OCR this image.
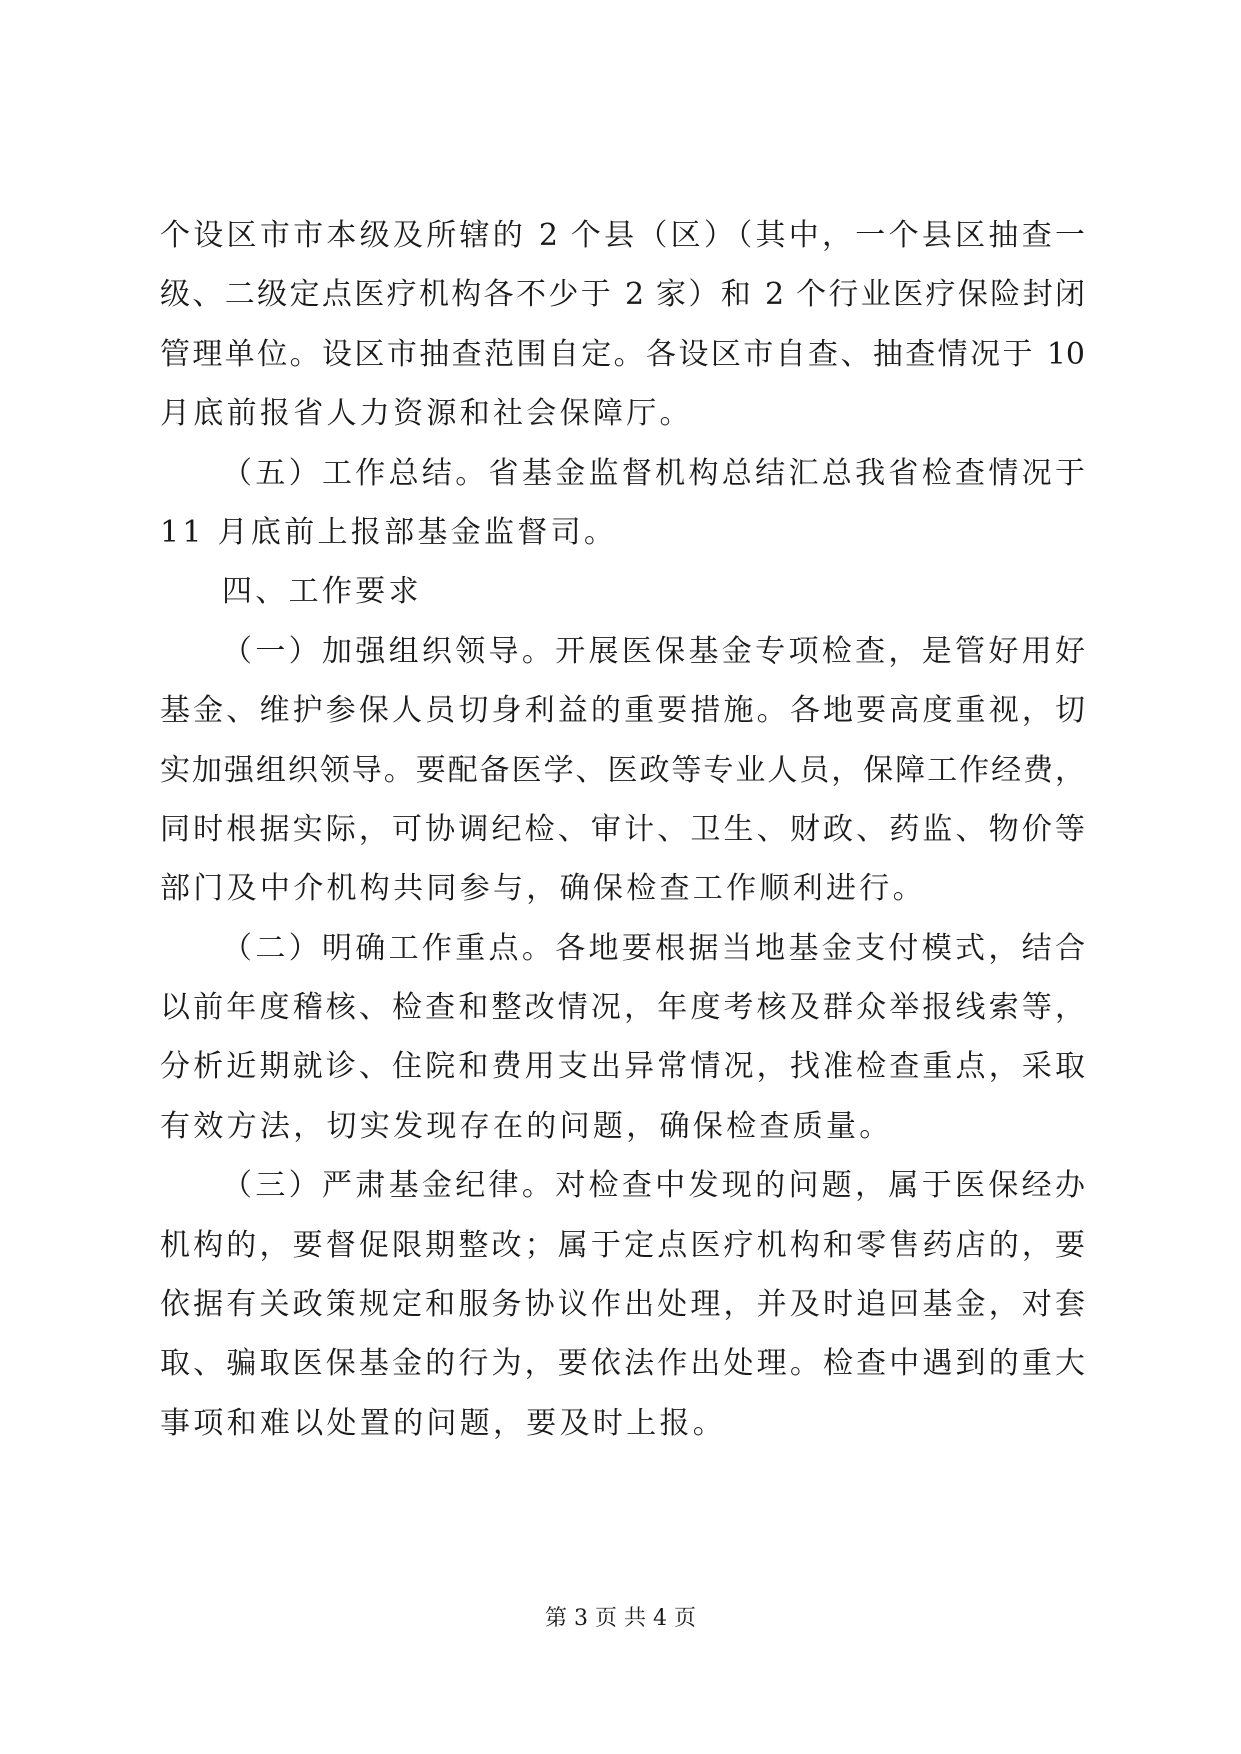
个设区市市本级及所辖的 2 个县（区）（其中，一个县区抽查一
级、二级定点医疗机构各不少于 2 家）和 2 个行业医疗保险封闭
管理单位。设区市抽查范围自定。各设区市自查、抽查情况于 10
月底前报省人力资源和社会保障厅。
（五）工作总结。省基金监督机构总结汇总我省检查情况于
11 月底前上报部基金监督司。
四、工作要求
（一）加强组织领导。开展医保基金专项检查，是管好用好
基金、维护参保人员切身利益的重要措施。各地要高度重视，切
实加强组织领导。要配备医学、医政等专业人员，保障工作经费，
同时根据实际，可协调纪检、审计、卫生、财政、药监、物价等
部门及中介机构共同参与，确保检查工作顺利进行。
（二）明确工作重点。各地要根据当地基金支付模式，结合
以前年度稽核、检查和整改情况，年度考核及群众举报线索等，
分析近期就诊、住院和费用支出异常情况，找准检查重点，采取
有效方法，切实发现存在的问题，确保检查质量。
（三）严肃基金纪律。对检查中发现的问题，属于医保经办
机构的，要督促限期整改；属于定点医疗机构和零售药店的，要
依据有关政策规定和服务协议作出处理，并及时追回基金，对套
取、骗取医保基金的行为，要依法作出处理。检查中遇到的重大
事项和难以处置的问题，要及时上报。
第 3 页 共 4 页
